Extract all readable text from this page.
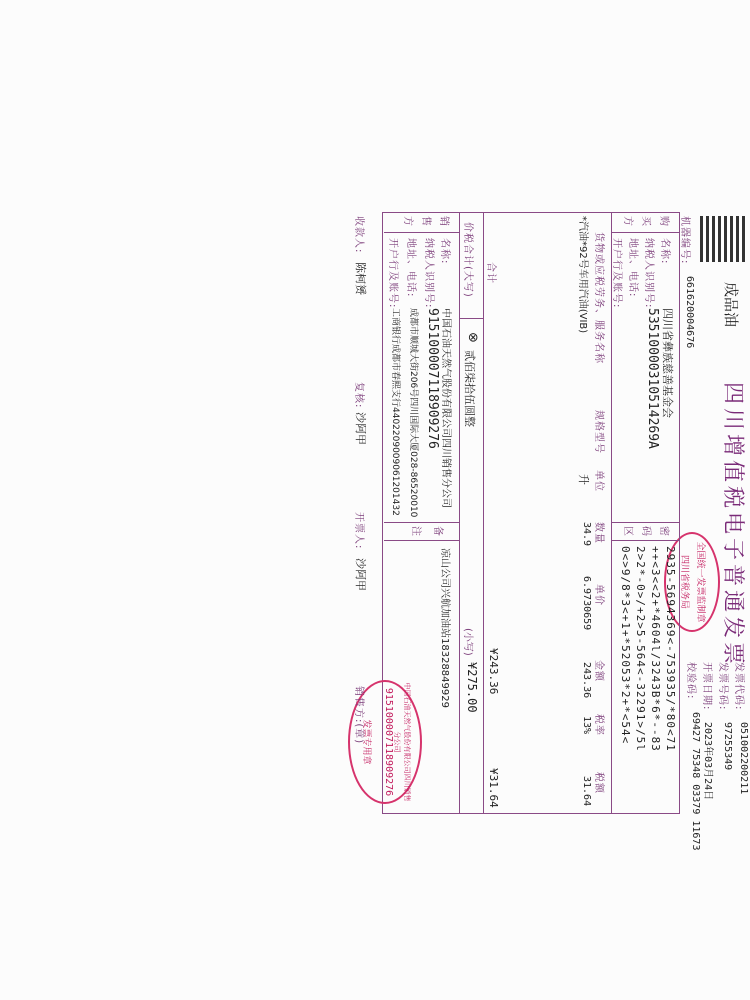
机器编号:
661620004676 成品油
四川增值税电子普通发票
发票代码:
051002200211
发票号码:
97255349
开票日期:
2023年03月24日
校验码:
69427 75348 03379 11673
全国统一发票监制章
四川省税务局
购买方
名称:
四川省彝族慈善基金会
纳税人识别号:
53510000310514269A
地址、电话:
开户行及账号:
密码区
2935-5694369<-753935/*80<71
++<3<<2+*4604l/3243B*6*--83
2>2*-0>/+2>5-564<-32291>/5l
0<>9/8*3<+1+*52053*2+*<54<
货物或应税劳务、服务名称
规格型号
单位
数量
单价
金额
税率
税额
*汽油*92号车用汽油(VIB)
升
34.9
6.9730659
243.36
13%
31.64
合计
¥243.36
¥31.64
价税合计(大写)
⊗
贰佰柒拾伍圆整
(小写)
¥275.00
销售方
名称:
中国石油天然气股份有限公司四川销售分公司
纳税人识别号:
915100007118909276
地址、电话:
成都市顺城大街206号四川国际大厦028-86520010
开户行及账号:
工商银行成都市春熙支行4402209009061201432
备注
凉山公司兴航加油站18328849929
中国石油天然气股份有限公司四川销售分公司
915100007118909276
发票专用章
收款人:
陈柯赟
复核:
沙阿甲
开票人:
沙阿甲
销售方:(章)
